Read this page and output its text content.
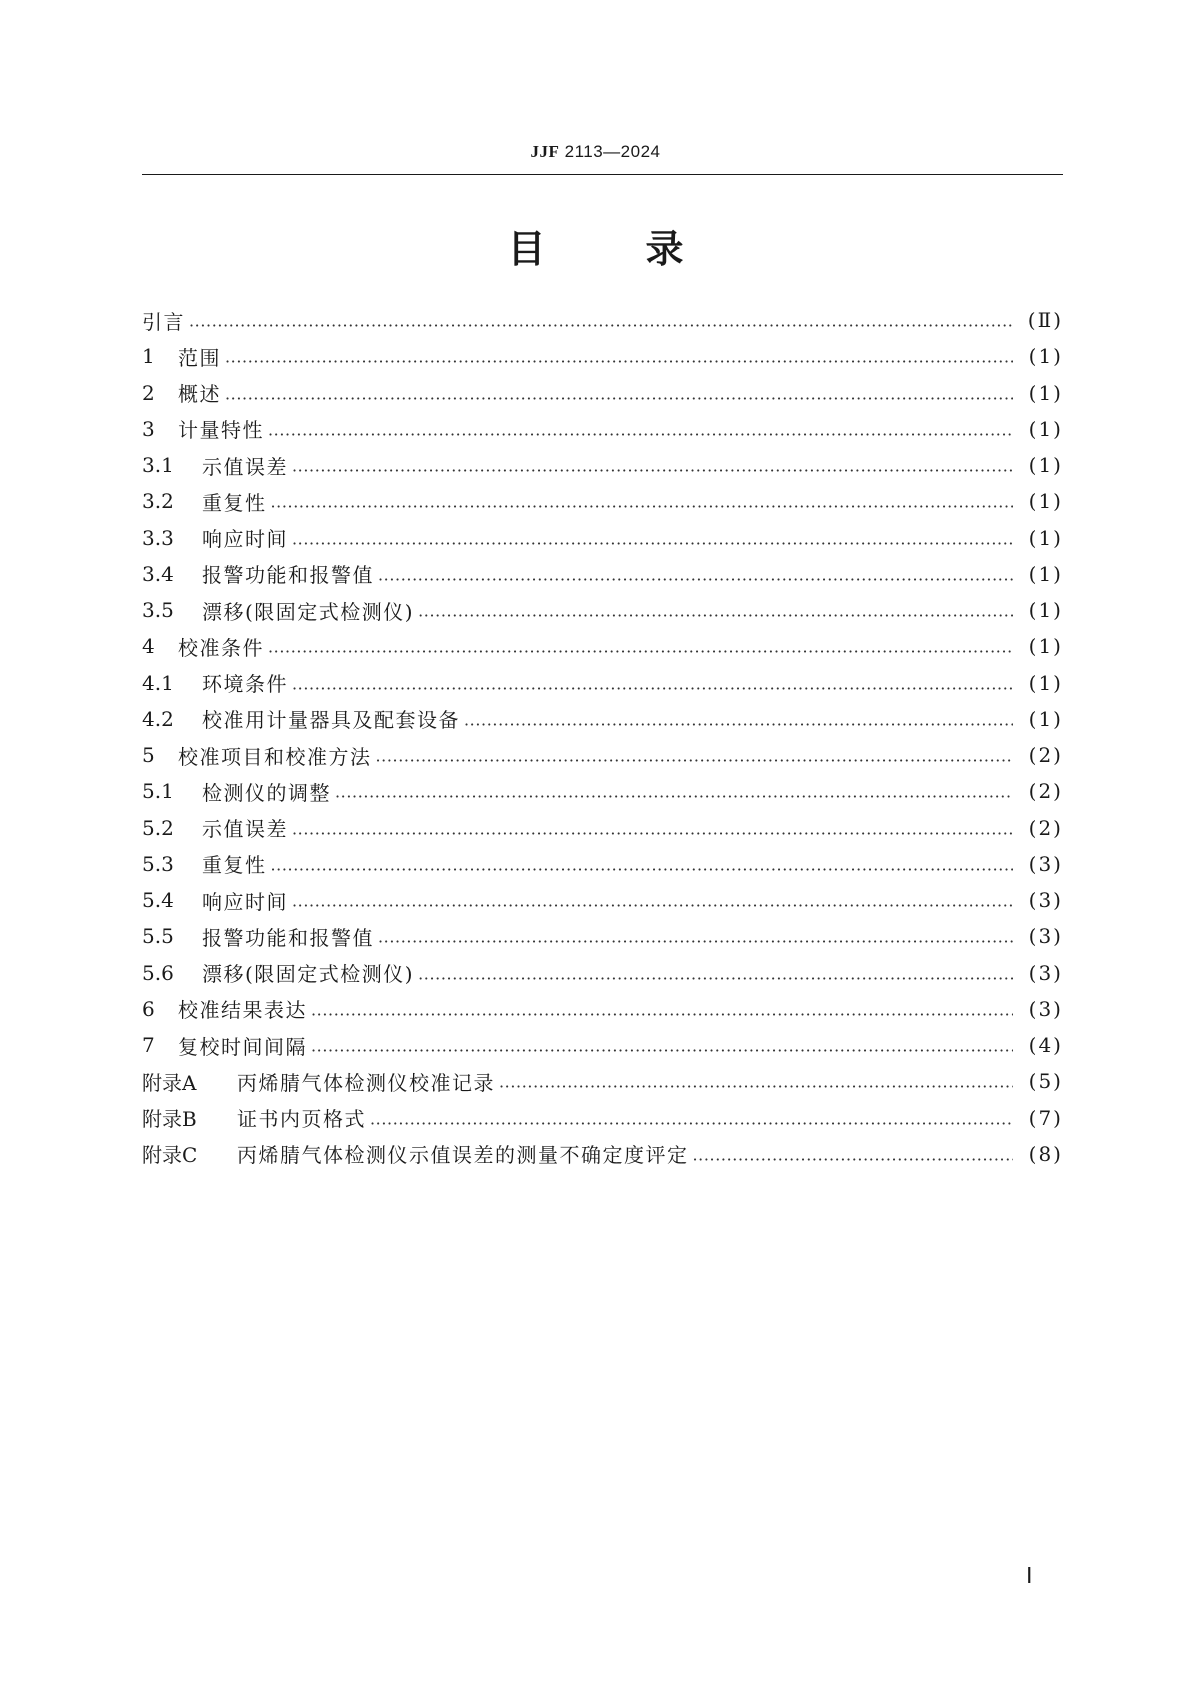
JJF 2113—2024
目	录
引言 ·····	(Ⅱ)
1	范围 ·····	(1)
2	概述 ·····	(1)
3	计量特性 ·····	(1)
3.1	示值误差 ·····	(1)
3.2	重复性 ·····	(1)
3.3	响应时间 ·····	(1)
3.4	报警功能和报警值 ·····	(1)
3.5	漂移(限固定式检测仪) ·····	(1)
4	校准条件 ·····	(1)
4.1	环境条件 ·····	(1)
4.2	校准用计量器具及配套设备 ·····	(1)
5	校准项目和校准方法 ·····	(2)
5.1	检测仪的调整 ·····	(2)
5.2	示值误差 ·····	(2)
5.3	重复性 ·····	(3)
5.4	响应时间 ·····	(3)
5.5	报警功能和报警值 ·····	(3)
5.6	漂移(限固定式检测仪) ·····	(3)
6	校准结果表达 ·····	(3)
7	复校时间间隔 ·····	(4)
附录A	丙烯腈气体检测仪校准记录 ·····	(5)
附录B	证书内页格式 ·····	(7)
附录C	丙烯腈气体检测仪示值误差的测量不确定度评定 ·····	(8)
Ⅰ
